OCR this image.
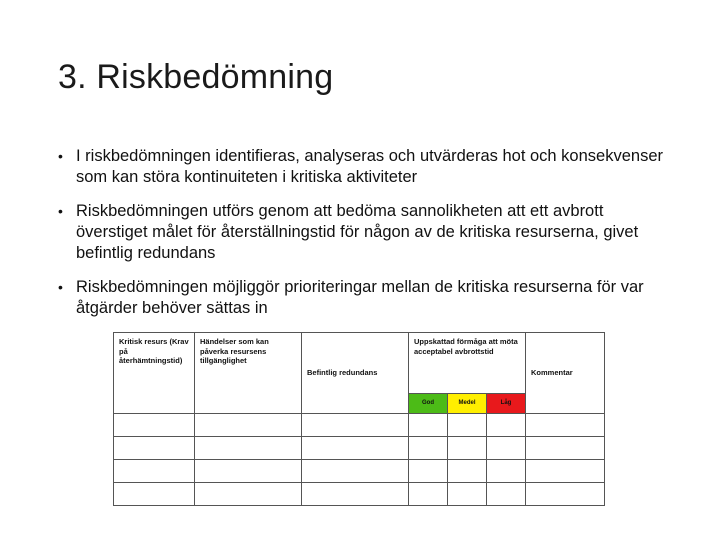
3. Riskbedömning
• I riskbedömningen identifieras, analyseras och utvärderas hot och konsekvenser som kan störa kontinuiteten i kritiska aktiviteter
• Riskbedömningen utförs genom att bedöma sannolikheten att ett avbrott överstiget målet för återställningstid för någon av de kritiska resurserna, givet befintlig redundans
• Riskbedömningen möjliggör prioriteringar mellan de kritiska resurserna för var åtgärder behöver sättas in
Kritisk resurs (Krav på återhämtningstid)	Händelser som kan påverka resursens tillgänglighet	Befintlig redundans	Uppskattad förmåga att möta acceptabel avbrottstid			Kommentar
			God	Medel	Låg	
